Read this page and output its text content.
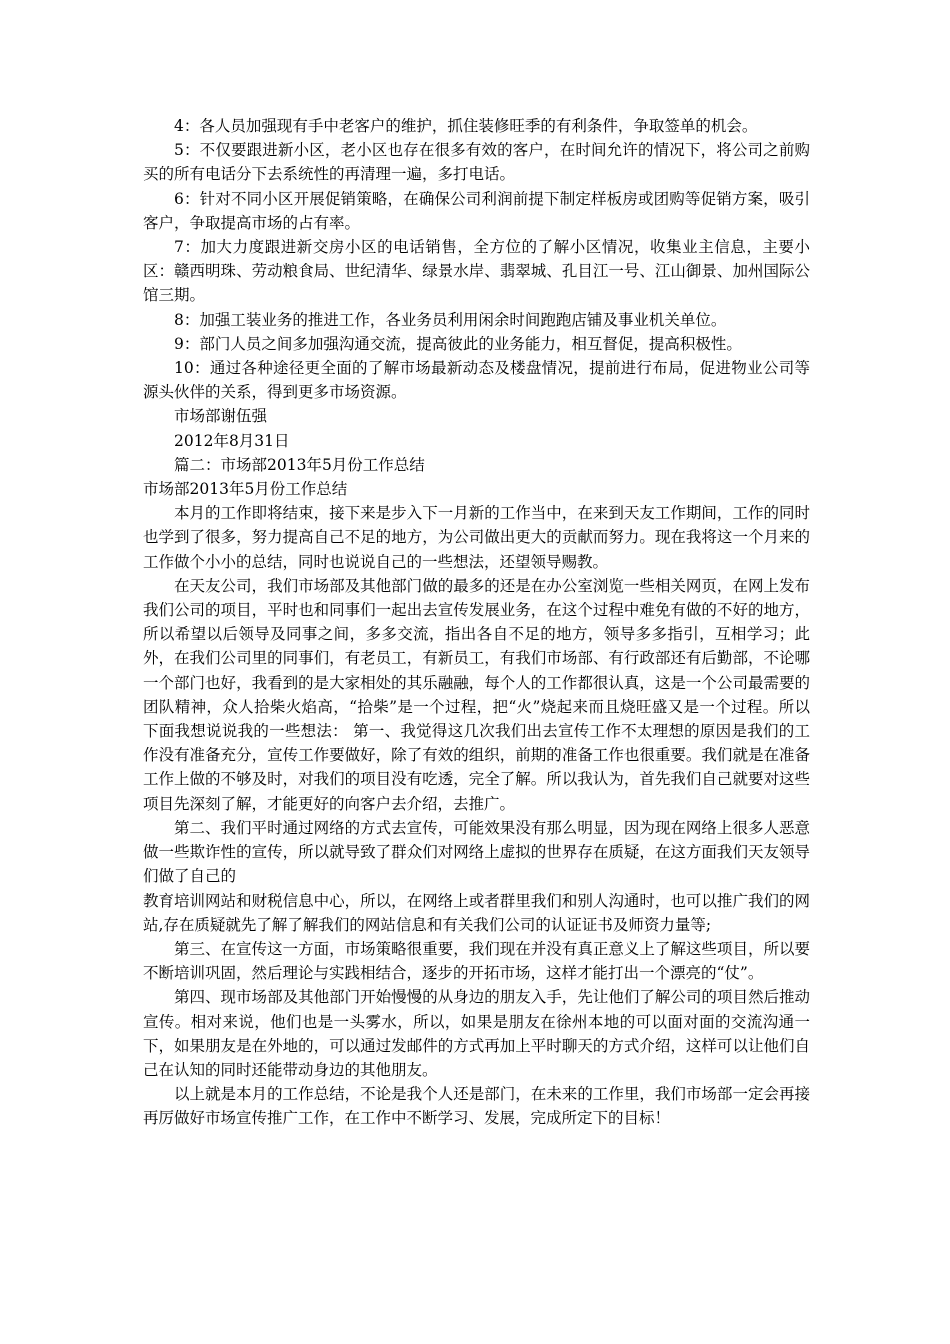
4：各人员加强现有手中老客户的维护，抓住装修旺季的有利条件，争取签单的机会。

5：不仅要跟进新小区，老小区也存在很多有效的客户，在时间允许的情况下，将公司之前购买的所有电话分下去系统性的再清理一遍，多打电话。

6：针对不同小区开展促销策略，在确保公司利润前提下制定样板房或团购等促销方案，吸引客户，争取提高市场的占有率。

7：加大力度跟进新交房小区的电话销售，全方位的了解小区情况，收集业主信息，主要小区：赣西明珠、劳动粮食局、世纪清华、绿景水岸、翡翠城、孔目江一号、江山御景、加州国际公馆三期。

8：加强工装业务的推进工作，各业务员利用闲余时间跑跑店铺及事业机关单位。

9：部门人员之间多加强沟通交流，提高彼此的业务能力，相互督促，提高积极性。

10：通过各种途径更全面的了解市场最新动态及楼盘情况，提前进行布局，促进物业公司等源头伙伴的关系，得到更多市场资源。

市场部谢伍强

2012年8月31日

篇二：市场部2013年5月份工作总结

市场部2013年5月份工作总结

本月的工作即将结束，接下来是步入下一月新的工作当中，在来到天友工作期间，工作的同时也学到了很多，努力提高自己不足的地方，为公司做出更大的贡献而努力。现在我将这一个月来的工作做个小小的总结，同时也说说自己的一些想法，还望领导赐教。

在天友公司，我们市场部及其他部门做的最多的还是在办公室浏览一些相关网页，在网上发布我们公司的项目，平时也和同事们一起出去宣传发展业务，在这个过程中难免有做的不好的地方，所以希望以后领导及同事之间，多多交流，指出各自不足的地方，领导多多指引，互相学习；此外，在我们公司里的同事们，有老员工，有新员工，有我们市场部、有行政部还有后勤部，不论哪一个部门也好，我看到的是大家相处的其乐融融，每个人的工作都很认真，这是一个公司最需要的团队精神，众人拾柴火焰高，“拾柴”是一个过程，把“火”烧起来而且烧旺盛又是一个过程。所以下面我想说说我的一些想法： 第一、我觉得这几次我们出去宣传工作不太理想的原因是我们的工作没有准备充分，宣传工作要做好，除了有效的组织，前期的准备工作也很重要。我们就是在准备工作上做的不够及时，对我们的项目没有吃透，完全了解。所以我认为，首先我们自己就要对这些项目先深刻了解，才能更好的向客户去介绍，去推广。

第二、我们平时通过网络的方式去宣传，可能效果没有那么明显，因为现在网络上很多人恶意做一些欺诈性的宣传，所以就导致了群众们对网络上虚拟的世界存在质疑，在这方面我们天友领导们做了自己的

教育培训网站和财税信息中心，所以，在网络上或者群里我们和别人沟通时，也可以推广我们的网站,存在质疑就先了解了解我们的网站信息和有关我们公司的认证证书及师资力量等;

第三、在宣传这一方面，市场策略很重要，我们现在并没有真正意义上了解这些项目，所以要不断培训巩固，然后理论与实践相结合，逐步的开拓市场，这样才能打出一个漂亮的“仗”。

第四、现市场部及其他部门开始慢慢的从身边的朋友入手，先让他们了解公司的项目然后推动宣传。相对来说，他们也是一头雾水，所以，如果是朋友在徐州本地的可以面对面的交流沟通一下，如果朋友是在外地的，可以通过发邮件的方式再加上平时聊天的方式介绍，这样可以让他们自己在认知的同时还能带动身边的其他朋友。

以上就是本月的工作总结，不论是我个人还是部门，在未来的工作里，我们市场部一定会再接再厉做好市场宣传推广工作，在工作中不断学习、发展，完成所定下的目标！
